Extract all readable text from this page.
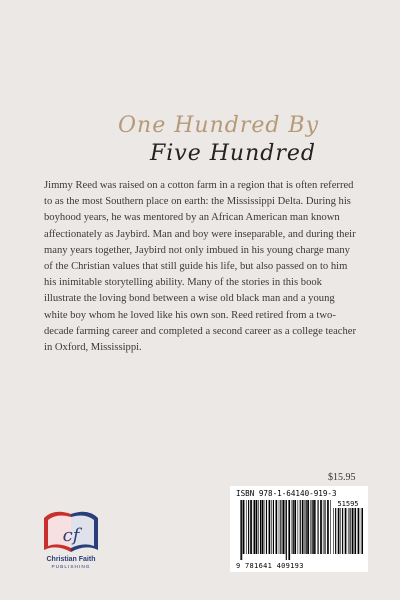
One Hundred By
Five Hundred
Jimmy Reed was raised on a cotton farm in a region that is often referred to as the most Southern place on earth: the Mississippi Delta. During his boyhood years, he was mentored by an African American man known affectionately as Jaybird. Man and boy were inseparable, and during their many years together, Jaybird not only imbued in his young charge many of the Christian values that still guide his life, but also passed on to him his inimitable storytelling ability. Many of the stories in this book illustrate the loving bond between a wise old black man and a young white boy whom he loved like his own son. Reed retired from a two-decade farming career and completed a second career as a college teacher in Oxford, Mississippi.
cf
Christian Faith
PUBLISHING
$15.95
ISBN 978-1-64140-919-3
51595
9 781641 409193
